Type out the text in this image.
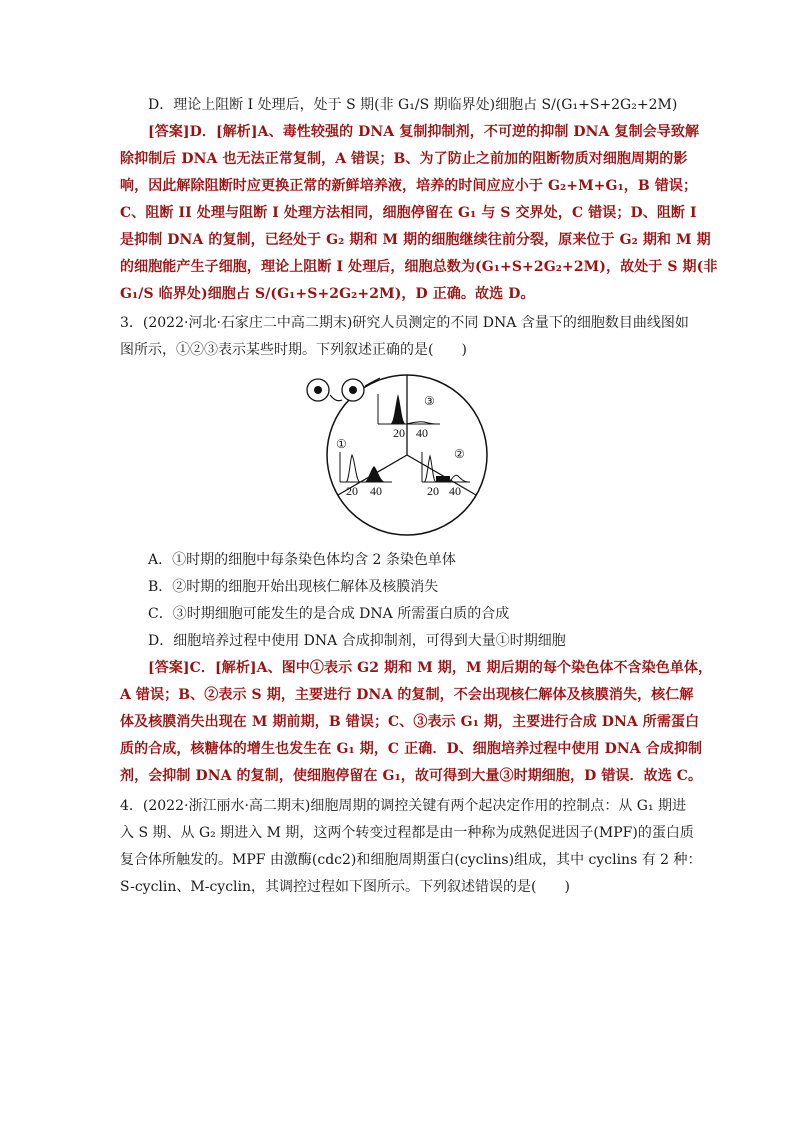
D．理论上阻断 I 处理后，处于 S 期(非 G₁/S 期临界处)细胞占 S/(G₁+S+2G₂+2M)
[答案]D．[解析]A、毒性较强的 DNA 复制抑制剂，不可逆的抑制 DNA 复制会导致解
除抑制后 DNA 也无法正常复制，A 错误；B、为了防止之前加的阻断物质对细胞周期的影
响，因此解除阻断时应更换正常的新鲜培养液，培养的时间应应小于 G₂+M+G₁，B 错误；
C、阻断 II 处理与阻断 I 处理方法相同，细胞停留在 G₁ 与 S 交界处，C 错误；D、阻断 I
是抑制 DNA 的复制，已经处于 G₂ 期和 M 期的细胞继续往前分裂，原来位于 G₂ 期和 M 期
的细胞能产生子细胞，理论上阻断 I 处理后，细胞总数为(G₁+S+2G₂+2M)，故处于 S 期(非
G₁/S 临界处)细胞占 S/(G₁+S+2G₂+2M)，D 正确。故选 D。
3．(2022·河北·石家庄二中高二期末)研究人员测定的不同 DNA 含量下的细胞数目曲线图如
图所示，①②③表示某些时期。下列叙述正确的是(　　)
20 40
③
20 40
①
20 40
②
A．①时期的细胞中每条染色体均含 2 条染色单体
B．②时期的细胞开始出现核仁解体及核膜消失
C．③时期细胞可能发生的是合成 DNA 所需蛋白质的合成
D．细胞培养过程中使用 DNA 合成抑制剂，可得到大量①时期细胞
[答案]C．[解析]A、图中①表示 G2 期和 M 期，M 期后期的每个染色体不含染色单体，
A 错误；B、②表示 S 期，主要进行 DNA 的复制，不会出现核仁解体及核膜消失，核仁解
体及核膜消失出现在 M 期前期，B 错误；C、③表示 G₁ 期，主要进行合成 DNA 所需蛋白
质的合成，核糖体的增生也发生在 G₁ 期，C 正确．D、细胞培养过程中使用 DNA 合成抑制
剂，会抑制 DNA 的复制，使细胞停留在 G₁，故可得到大量③时期细胞，D 错误．故选 C。
4．(2022·浙江丽水·高二期末)细胞周期的调控关键有两个起决定作用的控制点：从 G₁ 期进
入 S 期、从 G₂ 期进入 M 期，这两个转变过程都是由一种称为成熟促进因子(MPF)的蛋白质
复合体所触发的。MPF 由激酶(cdc2)和细胞周期蛋白(cyclins)组成，其中 cyclins 有 2 种：
S-cyclin、M-cyclin，其调控过程如下图所示。下列叙述错误的是(　　)
